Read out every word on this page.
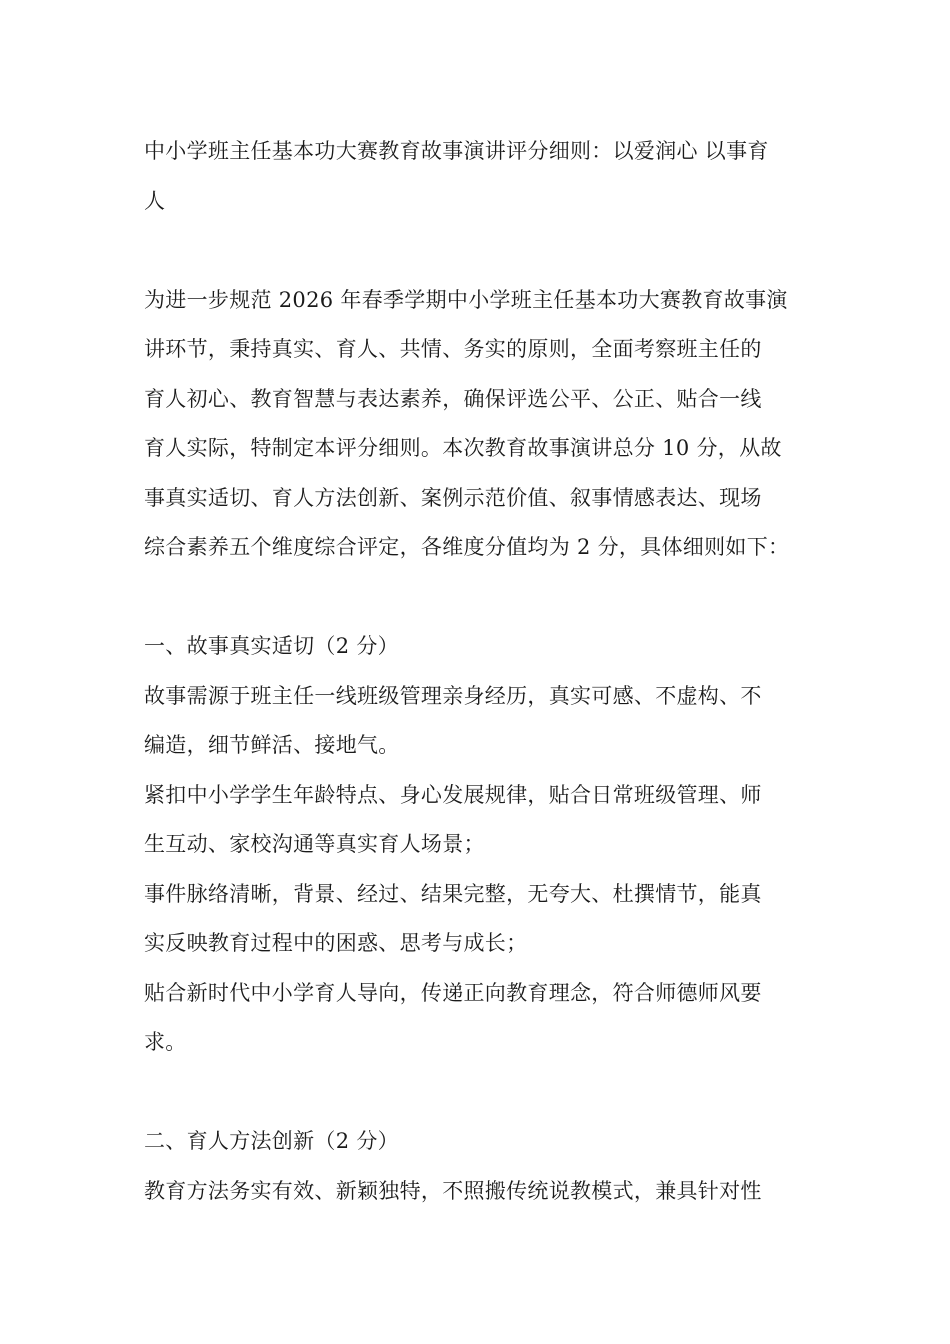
中小学班主任基本功大赛教育故事演讲评分细则：以爱润心 以事育
人
为进一步规范 2026 年春季学期中小学班主任基本功大赛教育故事演
讲环节，秉持真实、育人、共情、务实的原则，全面考察班主任的
育人初心、教育智慧与表达素养，确保评选公平、公正、贴合一线
育人实际，特制定本评分细则。本次教育故事演讲总分 10 分，从故
事真实适切、育人方法创新、案例示范价值、叙事情感表达、现场
综合素养五个维度综合评定，各维度分值均为 2 分，具体细则如下：
一、故事真实适切（2 分）
故事需源于班主任一线班级管理亲身经历，真实可感、不虚构、不
编造，细节鲜活、接地气。
紧扣中小学学生年龄特点、身心发展规律，贴合日常班级管理、师
生互动、家校沟通等真实育人场景；
事件脉络清晰，背景、经过、结果完整，无夸大、杜撰情节，能真
实反映教育过程中的困惑、思考与成长；
贴合新时代中小学育人导向，传递正向教育理念，符合师德师风要
求。
二、育人方法创新（2 分）
教育方法务实有效、新颖独特，不照搬传统说教模式，兼具针对性
